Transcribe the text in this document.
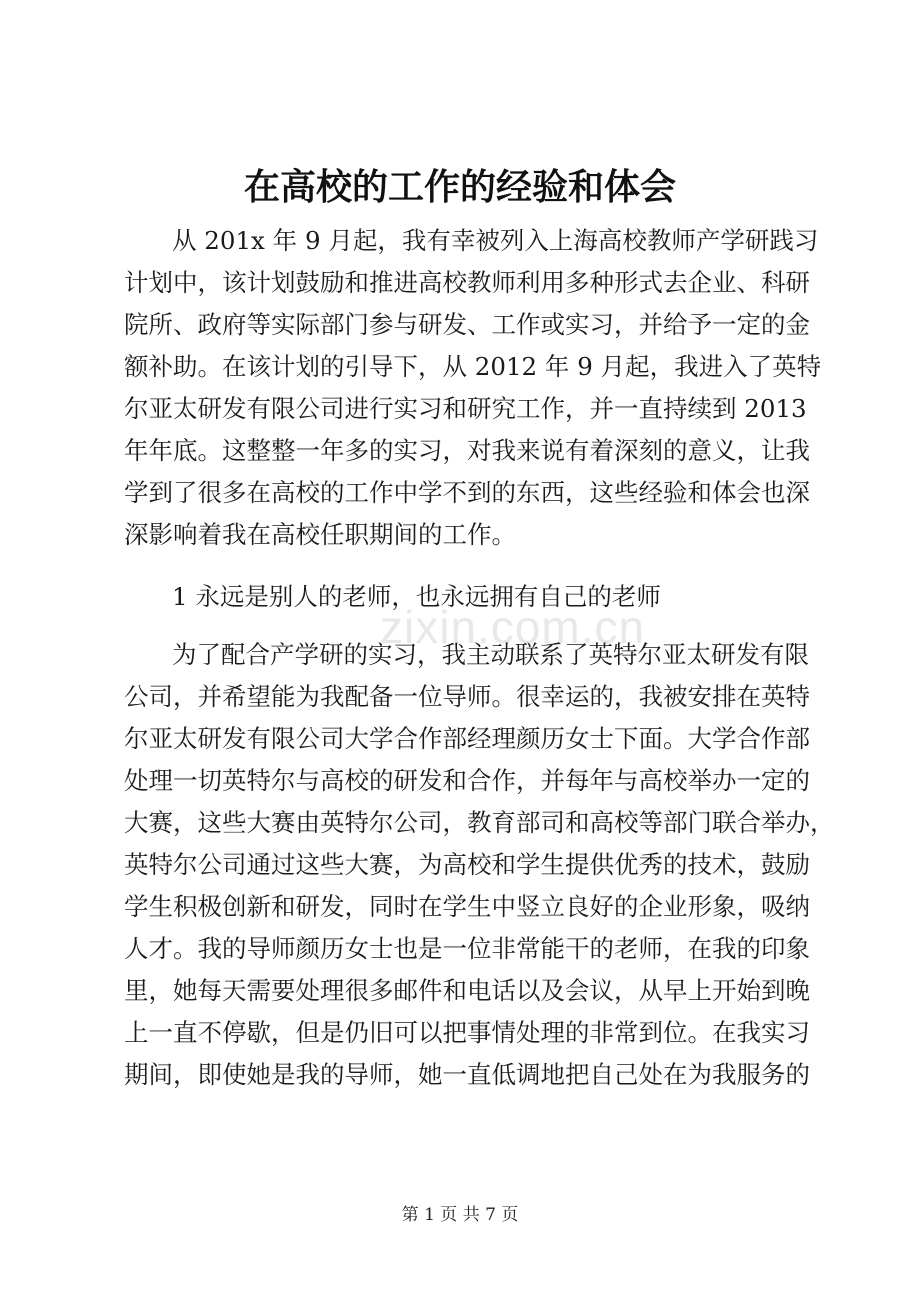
在高校的工作的经验和体会
从 201x 年 9 月起，我有幸被列入上海高校教师产学研践习
计划中，该计划鼓励和推进高校教师利用多种形式去企业、科研
院所、政府等实际部门参与研发、工作或实习，并给予一定的金
额补助。在该计划的引导下，从 2012 年 9 月起，我进入了英特
尔亚太研发有限公司进行实习和研究工作，并一直持续到 2013
年年底。这整整一年多的实习，对我来说有着深刻的意义，让我
学到了很多在高校的工作中学不到的东西，这些经验和体会也深
深影响着我在高校任职期间的工作。
1 永远是别人的老师，也永远拥有自己的老师
为了配合产学研的实习，我主动联系了英特尔亚太研发有限
公司，并希望能为我配备一位导师。很幸运的，我被安排在英特
尔亚太研发有限公司大学合作部经理颜历女士下面。大学合作部
处理一切英特尔与高校的研发和合作，并每年与高校举办一定的
大赛，这些大赛由英特尔公司，教育部司和高校等部门联合举办，
英特尔公司通过这些大赛，为高校和学生提供优秀的技术，鼓励
学生积极创新和研发，同时在学生中竖立良好的企业形象，吸纳
人才。我的导师颜历女士也是一位非常能干的老师，在我的印象
里，她每天需要处理很多邮件和电话以及会议，从早上开始到晚
上一直不停歇，但是仍旧可以把事情处理的非常到位。在我实习
期间，即使她是我的导师，她一直低调地把自己处在为我服务的
zixin.com.cn
第 1 页 共 7 页
